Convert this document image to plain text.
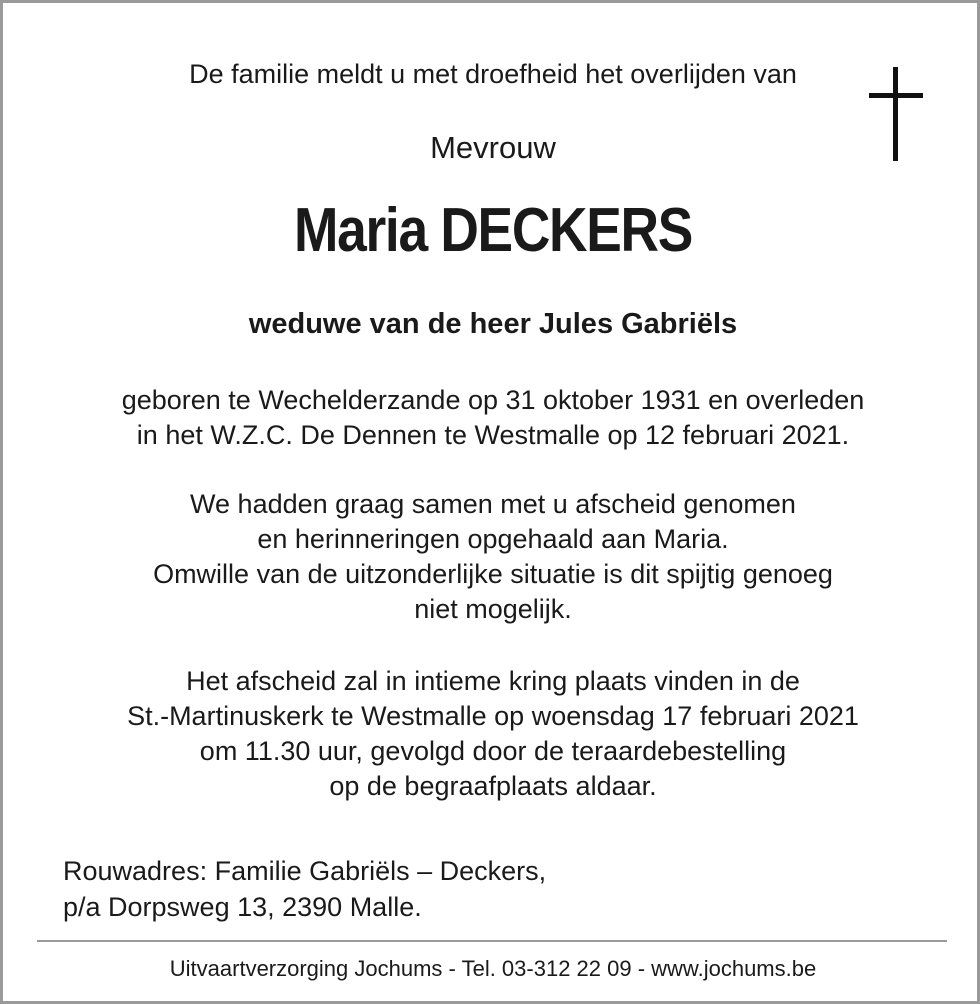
De familie meldt u met droefheid het overlijden van
Mevrouw
Maria DECKERS
weduwe van de heer Jules Gabriëls
geboren te Wechelderzande op 31 oktober 1931 en overleden
in het W.Z.C. De Dennen te Westmalle op 12 februari 2021.
We hadden graag samen met u afscheid genomen
en herinneringen opgehaald aan Maria.
Omwille van de uitzonderlijke situatie is dit spijtig genoeg
niet mogelijk.
Het afscheid zal in intieme kring plaats vinden in de
St.-Martinuskerk te Westmalle op woensdag 17 februari 2021
om 11.30 uur, gevolgd door de teraardebestelling
op de begraafplaats aldaar.
Rouwadres: Familie Gabriëls – Deckers,
p/a Dorpsweg 13, 2390 Malle.
Uitvaartverzorging Jochums - Tel. 03-312 22 09 - www.jochums.be
